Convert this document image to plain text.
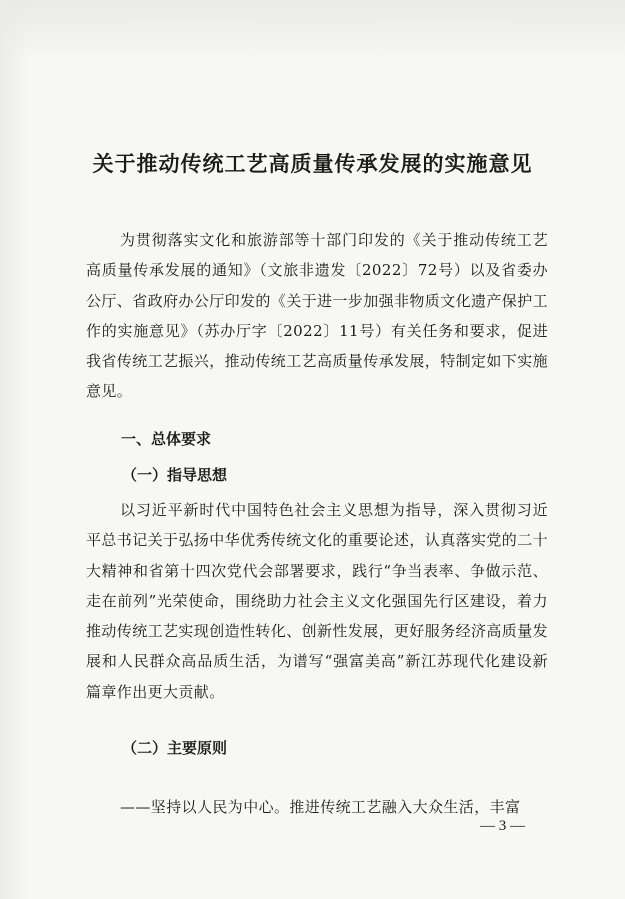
关于推动传统工艺高质量传承发展的实施意见

为贯彻落实文化和旅游部等十部门印发的《关于推动传统工艺高质量传承发展的通知》（文旅非遗发〔2022〕72号）以及省委办公厅、省政府办公厅印发的《关于进一步加强非物质文化遗产保护工作的实施意见》（苏办厅字〔2022〕11号）有关任务和要求，促进我省传统工艺振兴，推动传统工艺高质量传承发展，特制定如下实施意见。

一、总体要求
（一）指导思想

以习近平新时代中国特色社会主义思想为指导，深入贯彻习近平总书记关于弘扬中华优秀传统文化的重要论述，认真落实党的二十大精神和省第十四次党代会部署要求，践行“争当表率、争做示范、走在前列”光荣使命，围绕助力社会主义文化强国先行区建设，着力推动传统工艺实现创造性转化、创新性发展，更好服务经济高质量发展和人民群众高品质生活，为谱写“强富美高”新江苏现代化建设新篇章作出更大贡献。

（二）主要原则

——坚持以人民为中心。推进传统工艺融入大众生活，丰富

— 3 —
